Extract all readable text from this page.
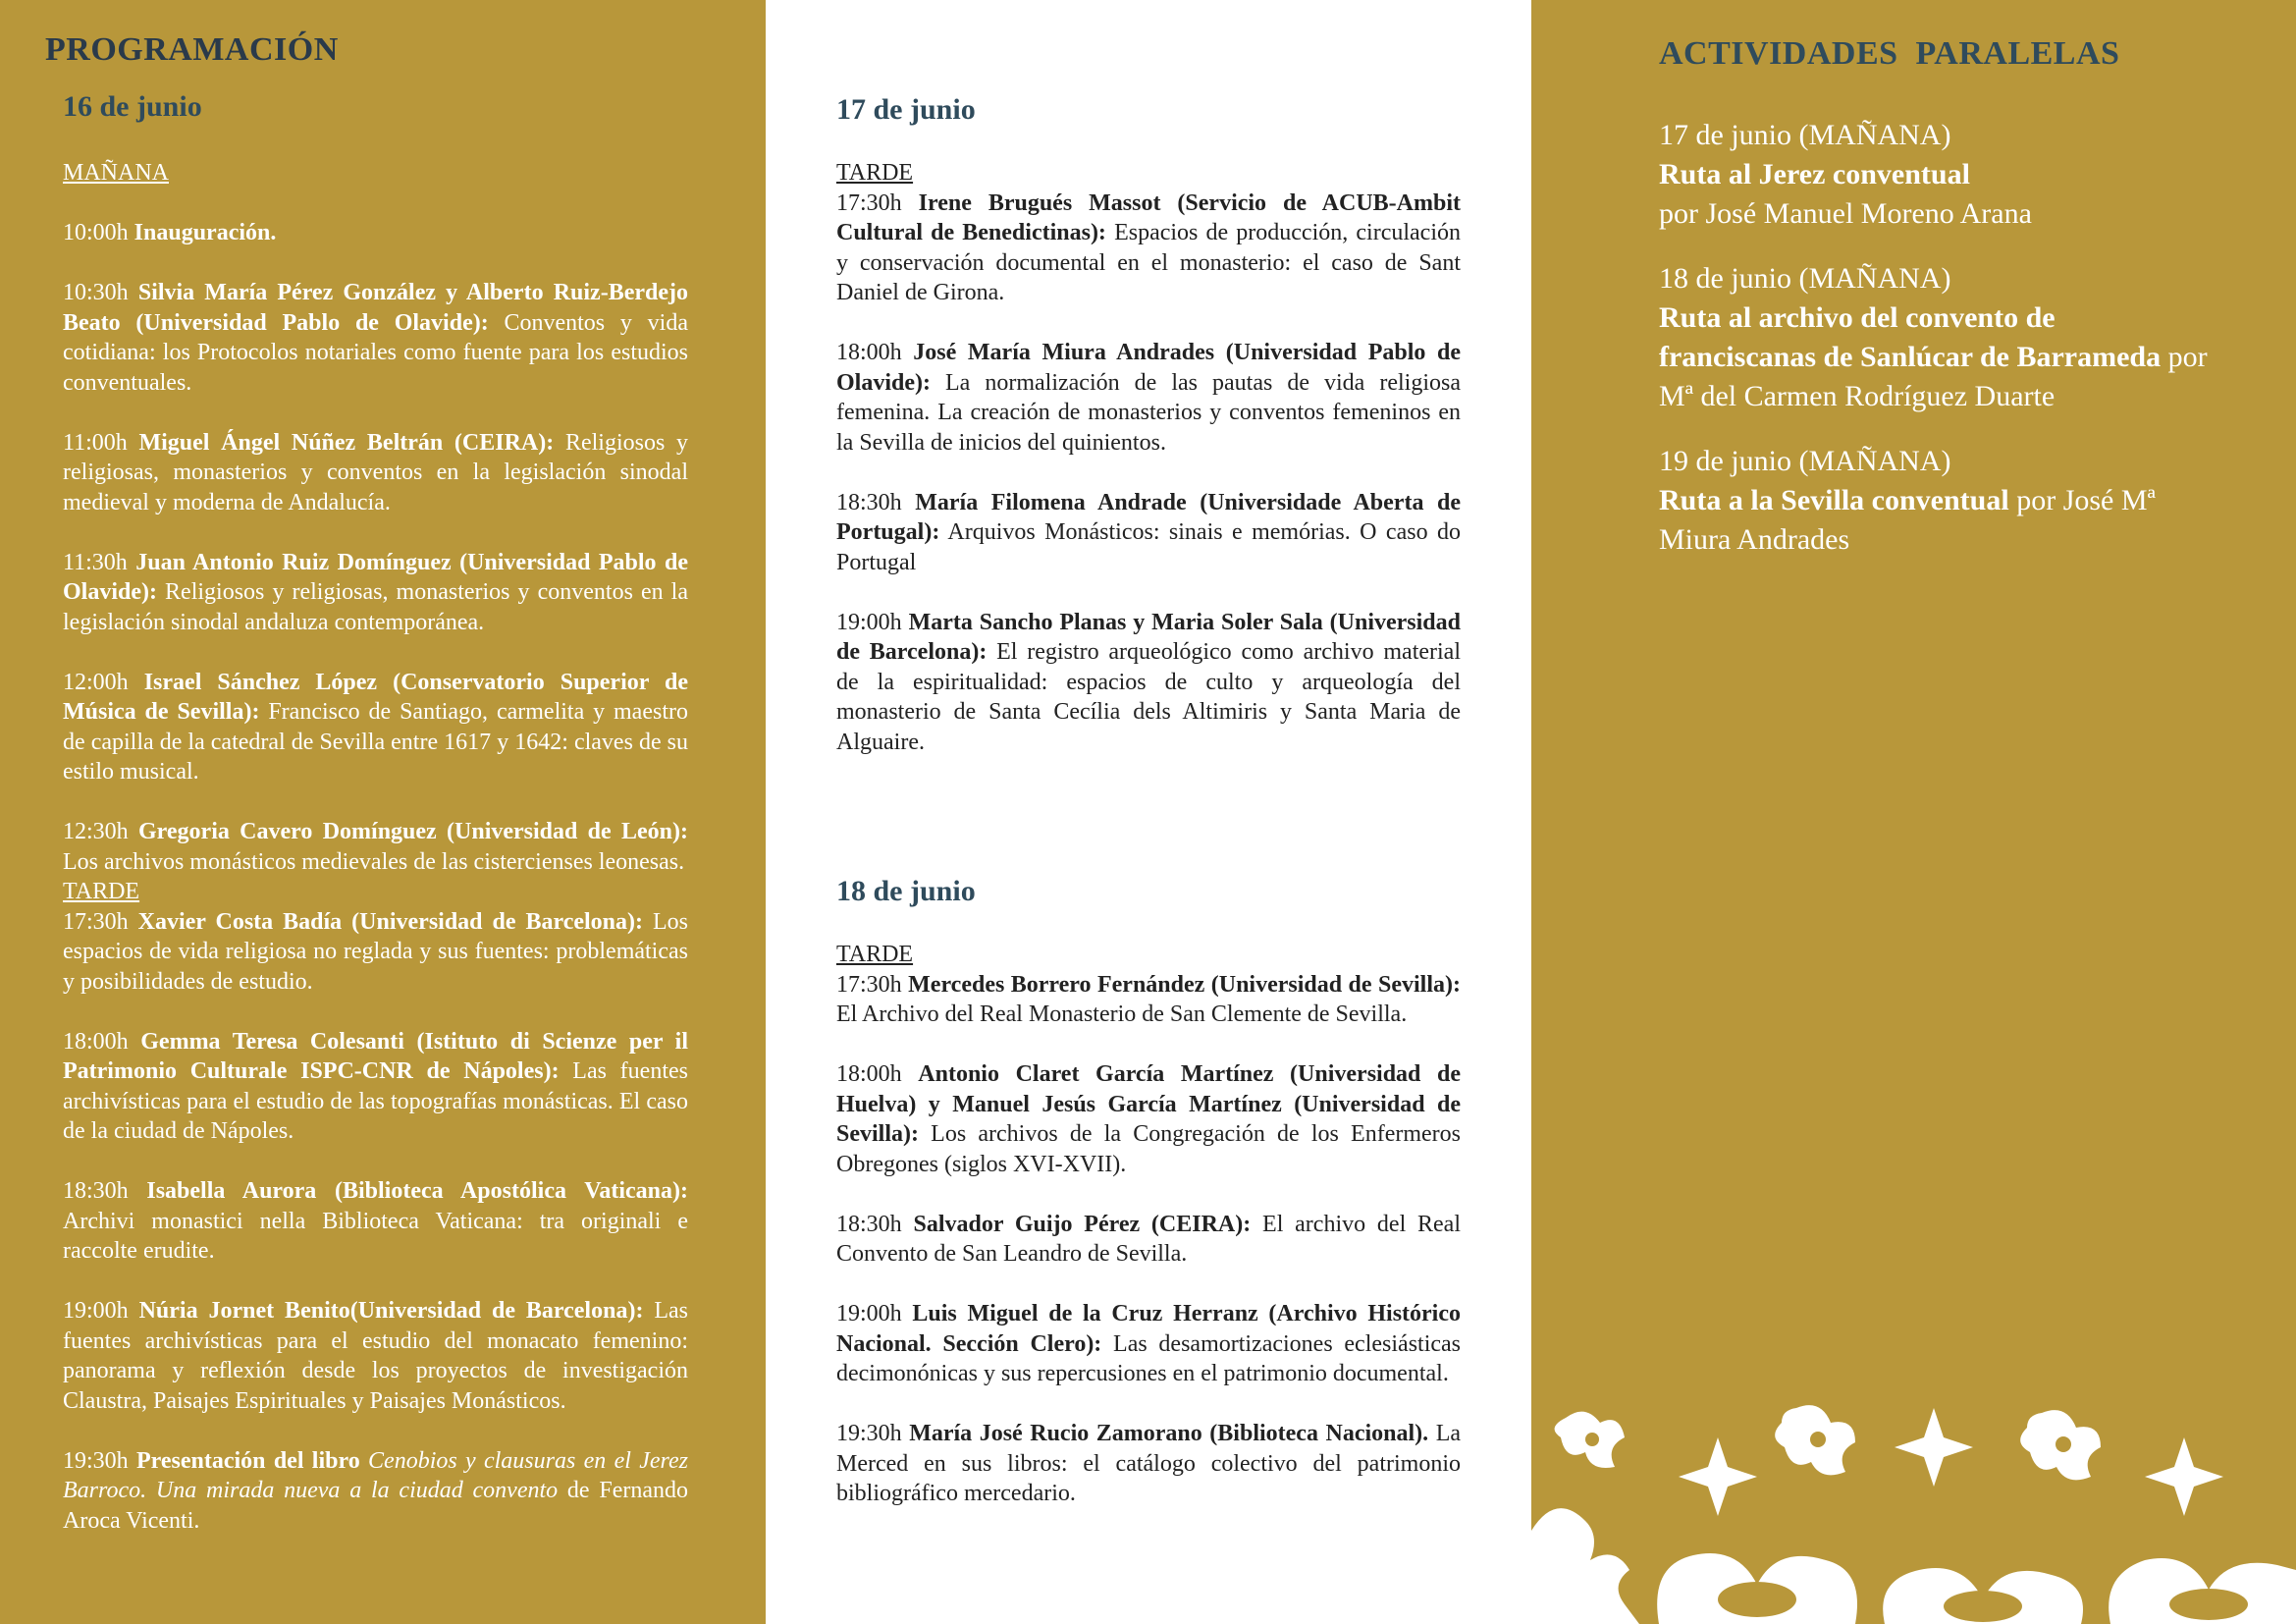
PROGRAMACIÓN
16 de junio

MAÑANA

10:00h Inauguración.

10:30h Silvia María Pérez González y Alberto Ruiz-Berdejo Beato (Universidad Pablo de Olavide): Conventos y vida cotidiana: los Protocolos notariales como fuente para los estudios conventuales.

11:00h Miguel Ángel Núñez Beltrán (CEIRA): Religiosos y religiosas, monasterios y conventos en la legislación sinodal medieval y moderna de Andalucía.

11:30h Juan Antonio Ruiz Domínguez (Universidad Pablo de Olavide): Religiosos y religiosas, monasterios y conventos en la legislación sinodal andaluza contemporánea.

12:00h Israel Sánchez López (Conservatorio Superior de Música de Sevilla): Francisco de Santiago, carmelita y maestro de capilla de la catedral de Sevilla entre 1617 y 1642: claves de su estilo musical.

12:30h Gregoria Cavero Domínguez (Universidad de León): Los archivos monásticos medievales de las cistercienses leonesas.

TARDE

17:30h Xavier Costa Badía (Universidad de Barcelona): Los espacios de vida religiosa no reglada y sus fuentes: problemáticas y posibilidades de estudio.

18:00h Gemma Teresa Colesanti (Istituto di Scienze per il Patrimonio Culturale ISPC-CNR de Nápoles): Las fuentes archivísticas para el estudio de las topografías monásticas. El caso de la ciudad de Nápoles.

18:30h Isabella Aurora (Biblioteca Apostólica Vaticana): Archivi monastici nella Biblioteca Vaticana: tra originali e raccolte erudite.

19:00h Núria Jornet Benito(Universidad de Barcelona): Las fuentes archivísticas para el estudio del monacato femenino: panorama y reflexión desde los proyectos de investigación Claustra, Paisajes Espirituales y Paisajes Monásticos.

19:30h Presentación del libro Cenobios y clausuras en el Jerez Barroco. Una mirada nueva a la ciudad convento de Fernando Aroca Vicenti.

17 de junio

TARDE

17:30h Irene Brugués Massot (Servicio de ACUB-Ambit Cultural de Benedictinas): Espacios de producción, circulación y conservación documental en el monasterio: el caso de Sant Daniel de Girona.

18:00h José María Miura Andrades (Universidad Pablo de Olavide): La normalización de las pautas de vida religiosa femenina. La creación de monasterios y conventos femeninos en la Sevilla de inicios del quinientos.

18:30h María Filomena Andrade (Universidade Aberta de Portugal): Arquivos Monásticos: sinais e memórias. O caso do Portugal

19:00h Marta Sancho Planas y Maria Soler Sala (Universidad de Barcelona): El registro arqueológico como archivo material de la espiritualidad: espacios de culto y arqueología del monasterio de Santa Cecília dels Altimiris y Santa Maria de Alguaire.

18 de junio

TARDE

17:30h Mercedes Borrero Fernández (Universidad de Sevilla): El Archivo del Real Monasterio de San Clemente de Sevilla.

18:00h Antonio Claret García Martínez (Universidad de Huelva) y Manuel Jesús García Martínez (Universidad de Sevilla): Los archivos de la Congregación de los Enfermeros Obregones (siglos XVI-XVII).

18:30h Salvador Guijo Pérez (CEIRA): El archivo del Real Convento de San Leandro de Sevilla.

19:00h Luis Miguel de la Cruz Herranz (Archivo Histórico Nacional. Sección Clero): Las desamortizaciones eclesiásticas decimonónicas y sus repercusiones en el patrimonio documental.

19:30h María José Rucio Zamorano (Biblioteca Nacional). La Merced en sus libros: el catálogo colectivo del patrimonio bibliográfico mercedario.

ACTIVIDADES  PARALELAS
17 de junio (MAÑANA)
Ruta al Jerez conventual
por José Manuel Moreno Arana
18 de junio (MAÑANA)
Ruta al archivo del convento de franciscanas de Sanlúcar de Barrameda por Mª del Carmen Rodríguez Duarte
19 de junio (MAÑANA)
Ruta a la Sevilla conventual por José Mª Miura Andrades
